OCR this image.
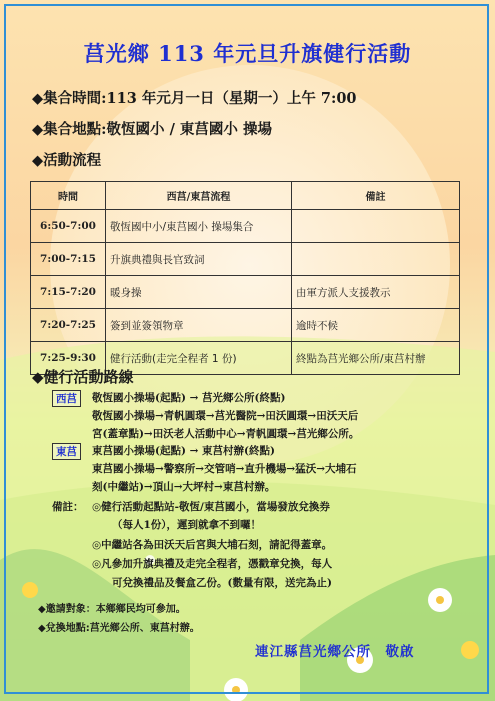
莒光鄉 113 年元旦升旗健行活動
◆集合時間:113 年元月一日（星期一）上午 7:00
◆集合地點:敬恆國小 / 東莒國小 操場
◆活動流程
時間	西莒/東莒流程	備註
6:50-7:00	敬恆國中小/東莒國小 操場集合	
7:00-7:15	升旗典禮與長官致詞	
7:15-7:20	暖身操	由軍方派人支援教示
7:20-7:25	簽到並簽領物章	逾時不候
7:25-9:30	健行活動(走完全程者 1 份)	終點為莒光鄉公所/東莒村辦
◆健行活動路線
西莒	敬恆國小操場(起點) → 莒光鄉公所(終點)
敬恆國小操場→青帆圓環→莒光醫院→田沃圓環→田沃天后
宮(蓋章點)→田沃老人活動中心→青帆圓環→莒光鄉公所。
東莒	東莒國小操場(起點) → 東莒村辦(終點)
東莒國小操場→警察所→交管哨→直升機場→猛沃→大埔石
刻(中繼站)→頂山→大坪村→東莒村辦。
備註： ◎健行活動起點站-敬恆/東莒國小，當場發放兌換券
（每人1份），遲到就拿不到囉！
◎中繼站各為田沃天后宮與大埔石刻，請記得蓋章。
◎凡參加升旗典禮及走完全程者，憑戳章兌換，每人
可兌換禮品及餐盒乙份。(數量有限，送完為止)
◆邀請對象：本鄉鄉民均可參加。
◆兌換地點:莒光鄉公所、東莒村辦。
連江縣莒光鄉公所　敬啟
